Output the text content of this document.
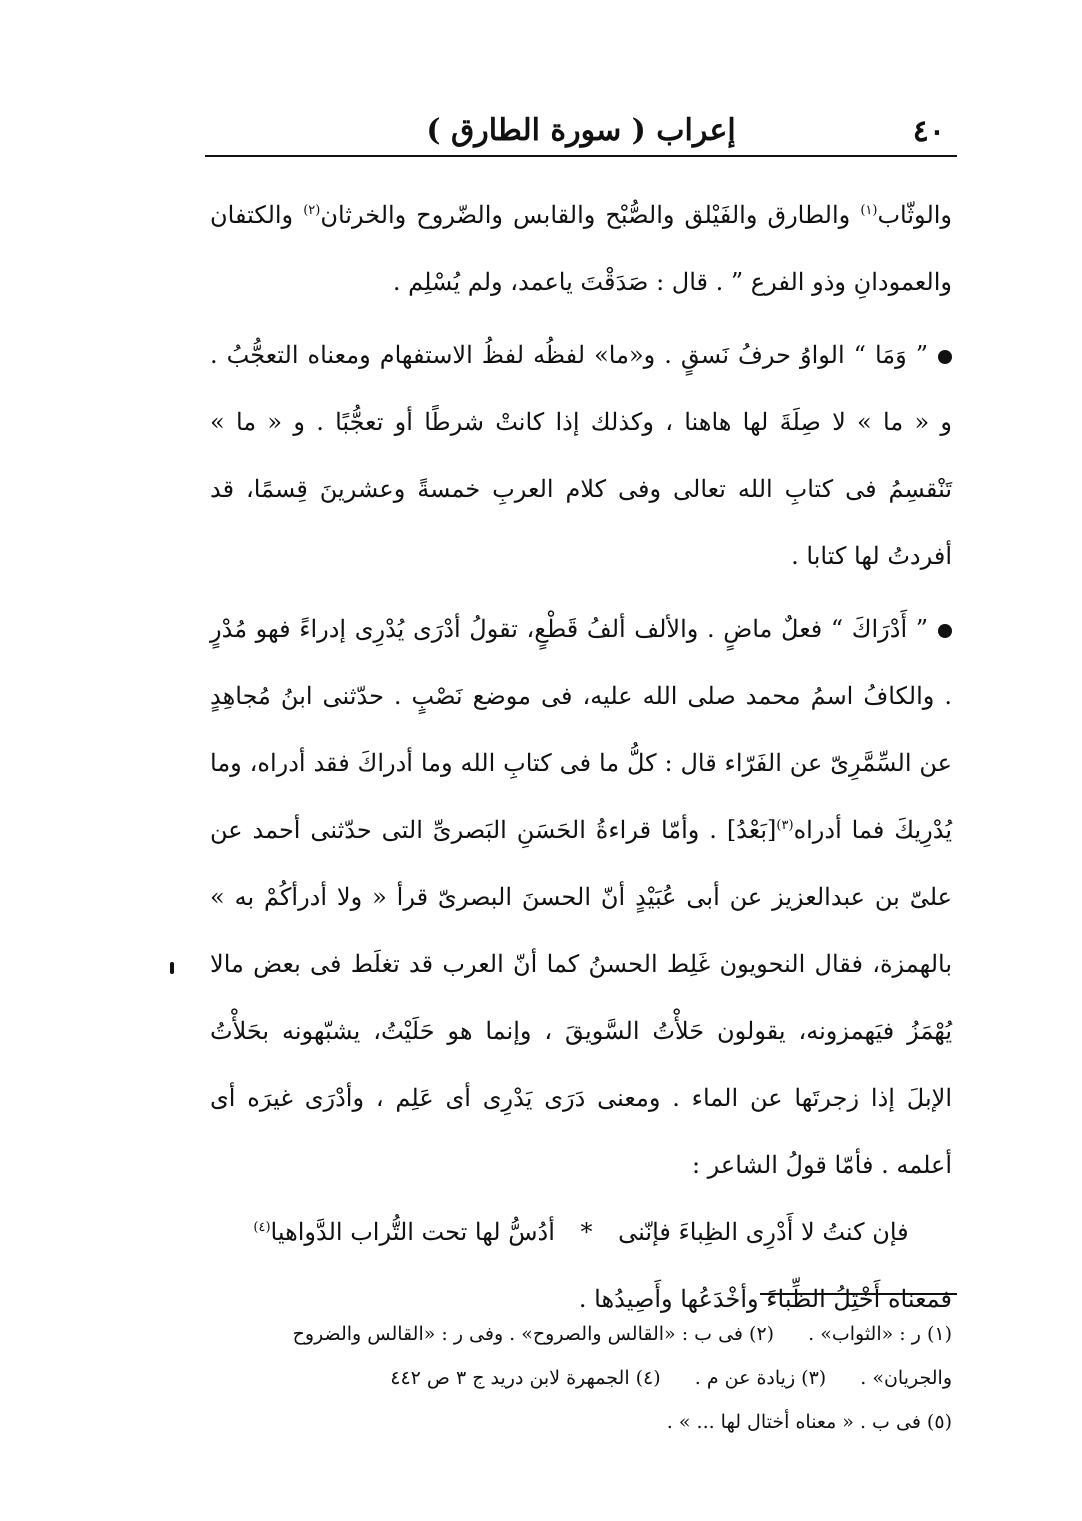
٤٠
إعراب ( سورة الطارق )

والوثّاب$^{(١)}$ والطارق والفَيْلق والصُّبْح والقابس والضّروح والخرثان$^{(٢)}$ والكتفان والعمودانِ وذو الفرع ” . قال : صَدَقْتَ ياعمد، ولم يُسْلِم .

” وَمَا “ الواوُ حرفُ نَسقٍ . و«ما» لفظُه لفظُ الاستفهام ومعناه التعجُّبُ . و « ما » لا صِلَةَ لها هاهنا ، وكذلك إذا كانتْ شرطًا أو تعجُّبًا . و « ما » تَنْقسِمُ فى كتابِ الله تعالى وفى كلام العربِ خمسةً وعشرينَ قِسمًا، قد أفردتُ لها كتابا .

” أَدْرَاكَ “ فعلٌ ماضٍ . والألف ألفُ قَطْعٍ، تقولُ أدْرَى يُدْرِى إدراءً فهو مُدْرٍ . والكافُ اسمُ محمد صلى الله عليه، فى موضع نَصْبٍ . حدّثنى ابنُ مُجاهِدٍ عن السِّمَّرِىّ عن الفَرّاء قال : كلُّ ما فى كتابِ الله وما أدراكَ فقد أدراه، وما يُدْرِيكَ فما أدراه$^{(٣)}$[بَعْدُ] . وأمّا قراءةُ الحَسَنِ البَصرىِّ التى حدّثنى أحمد عن علىّ بن عبدالعزيز عن أبى عُبَيْدٍ أنّ الحسنَ البصرىّ قرأ « ولا أدرأكُمْ به » بالهمزة، فقال النحويون غَلِط الحسنُ كما أنّ العرب قد تغلَط فى بعض مالا يُهْمَزُ فيَهمزونه، يقولون حَلأْتُ السَّويقَ ، وإنما هو حَلَيْتُ، يشبّهونه بحَلأْتُ الإبلَ إذا زجرتَها عن الماء . ومعنى دَرَى يَدْرِى أى عَلِم ، وأدْرَى غيرَه أى أعلمه . فأمّا قولُ الشاعر :

فإن كنتُ لا أَدْرِى الظِباءَ فإنّنى * أدُسُّ لها تحت التُّراب الدَّواهيا$^{(٤)}$

فمعناه أَخْتِلُ الظِّباءَ وأخْدَعُها وأَصِيدُها .

(١) ر : «الثواب» . (٢) فى ب : «القالس والصروح» . وفى ر : «القالس والضروح

والجريان» . (٣) زيادة عن م . (٤) الجمهرة لابن دريد ج ٣ ص ٤٤٢

(٥) فى ب . « معناه أختال لها ... » .
